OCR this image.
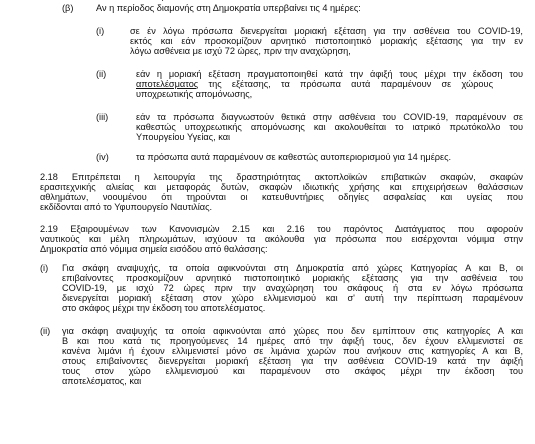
(β) Αν η περίοδος διαμονής στη Δημοκρατία υπερβαίνει τις 4 ημέρες:
(i)	σε έν λόγω πρόσωπα διενεργείται μοριακή εξέταση για την ασθένεια του COVID-19,
εκτός και εάν προσκομίζουν αρνητικό πιστοποιητικό μοριακής εξέτασης για την εν
λόγω ασθένεια με ισχύ 72 ώρες, πριν την αναχώρηση,
(ii)	εάν η μοριακή εξέταση πραγματοποιηθεί κατά την άφιξή τους μέχρι την έκδοση του
αποτελέσματος της εξέτασης, τα πρόσωπα αυτά παραμένουν σε χώρους
υποχρεωτικής απομόνωσης,
(iii)	εάν τα πρόσωπα διαγνωστούν θετικά στην ασθένεια του COVID-19, παραμένουν σε
καθεστώς υποχρεωτικής απομόνωσης και ακολουθείται το ιατρικό πρωτόκολλο του
Υπουργείου Υγείας, και
(iv)	τα πρόσωπα αυτά παραμένουν σε καθεστώς αυτοπεριορισμού για 14 ημέρες.
2.18 Επιτρέπεται η λειτουργία της δραστηριότητας ακτοπλοϊκών επιβατικών σκαφών, σκαφών
ερασιτεχνικής αλιείας και μεταφοράς δυτών, σκαφών ιδιωτικής χρήσης και επιχειρήσεων θαλάσσιων
αθλημάτων, νοουμένου ότι τηρούνται οι κατευθυντήριες οδηγίες ασφαλείας και υγείας που
εκδίδονται από το Υφυπουργείο Ναυτιλίας.
2.19 Εξαιρουμένων των Κανονισμών 2.15 και 2.16 του παρόντος Διατάγματος που αφορούν
ναυτικούς και μέλη πληρωμάτων, ισχύουν τα ακόλουθα για πρόσωπα που εισέρχονται νόμιμα στην
Δημοκρατία από νόμιμα σημεία εισόδου από θαλάσσης:
(i) Για σκάφη αναψυχής, τα οποία αφικνούνται στη Δημοκρατία από χώρες Κατηγορίας Α και Β, οι
επιβαίνοντες προσκομίζουν αρνητικό πιστοποιητικό μοριακής εξέτασης για την ασθένεια του
COVID-19, με ισχύ 72 ώρες πριν την αναχώρηση του σκάφους ή στα εν λόγω πρόσωπα
διενεργείται μοριακή εξέταση στον χώρο ελλιμενισμού και σ' αυτή την περίπτωση παραμένουν
στο σκάφος μέχρι την έκδοση του αποτελέσματος.
(ii) για σκάφη αναψυχής τα οποία αφικνούνται από χώρες που δεν εμπίπτουν στις κατηγορίες Α και
Β και που κατά τις προηγούμενες 14 ημέρες από την άφιξή τους, δεν έχουν ελλιμενιστεί σε
κανένα λιμάνι ή έχουν ελλιμενιστεί μόνο σε λιμάνια χωρών που ανήκουν στις κατηγορίες Α και Β,
στους επιβαίνοντες διενεργείται μοριακή εξέταση για την ασθένεια COVID-19 κατά την άφιξή
τους στον χώρο ελλιμενισμού και παραμένουν στο σκάφος μέχρι την έκδοση του
αποτελέσματος, και
